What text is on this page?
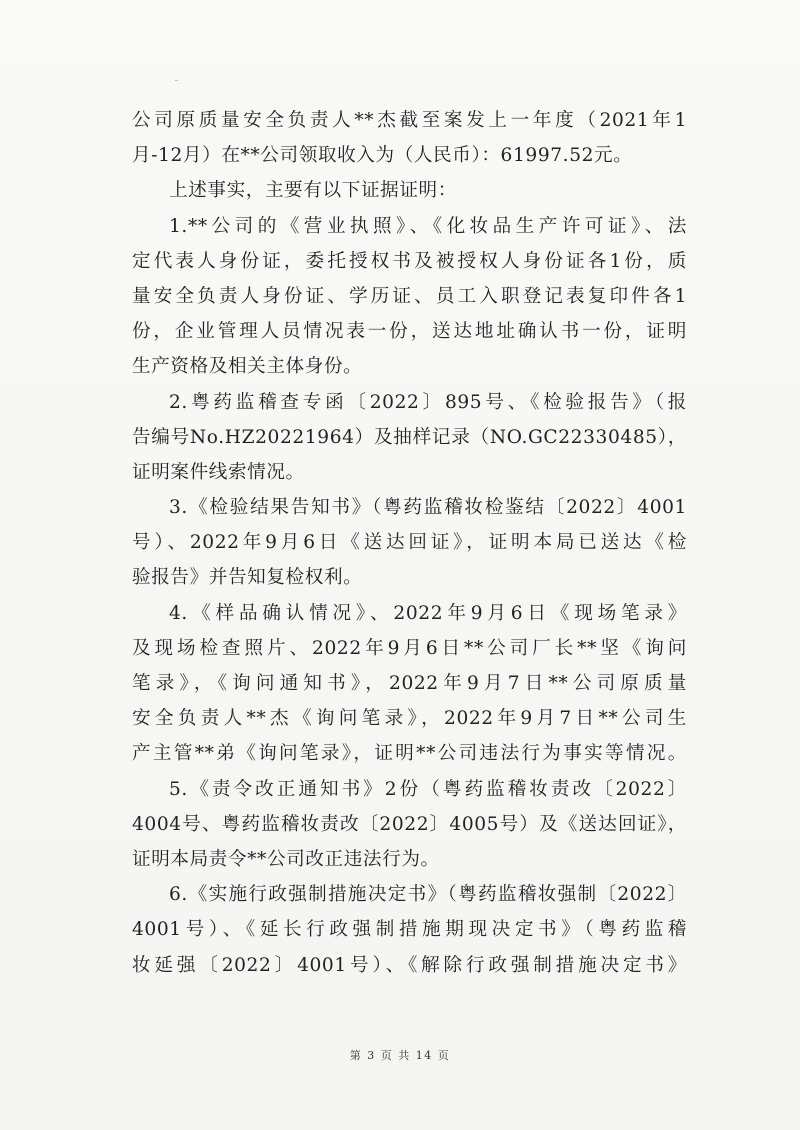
公司原质量安全负责人**杰截至案发上一年度（2021年1
月-12月）在**公司领取收入为（人民币）：61997.52元。
上述事实，主要有以下证据证明：
1.**公司的《营业执照》、《化妆品生产许可证》、法
定代表人身份证，委托授权书及被授权人身份证各1份，质
量安全负责人身份证、学历证、员工入职登记表复印件各1
份，企业管理人员情况表一份，送达地址确认书一份，证明
生产资格及相关主体身份。
2.粤药监稽查专函〔2022〕895号、《检验报告》（报
告编号No.HZ20221964）及抽样记录（NO.GC22330485），
证明案件线索情况。
3.《检验结果告知书》（粤药监稽妆检鉴结〔2022〕4001
号）、2022年9月6日《送达回证》，证明本局已送达《检
验报告》并告知复检权利。
4.《样品确认情况》、2022年9月6日《现场笔录》
及现场检查照片、2022年9月6日**公司厂长**坚《询问
笔录》，《询问通知书》，2022年9月7日**公司原质量
安全负责人**杰《询问笔录》，2022年9月7日**公司生
产主管**弟《询问笔录》，证明**公司违法行为事实等情况。
5.《责令改正通知书》2份（粤药监稽妆责改〔2022〕
4004号、粤药监稽妆责改〔2022〕4005号）及《送达回证》，
证明本局责令**公司改正违法行为。
6.《实施行政强制措施决定书》（粤药监稽妆强制〔2022〕
4001号）、《延长行政强制措施期现决定书》（粤药监稽
妆延强〔2022〕4001号）、《解除行政强制措施决定书》
第 3 页 共 14 页
